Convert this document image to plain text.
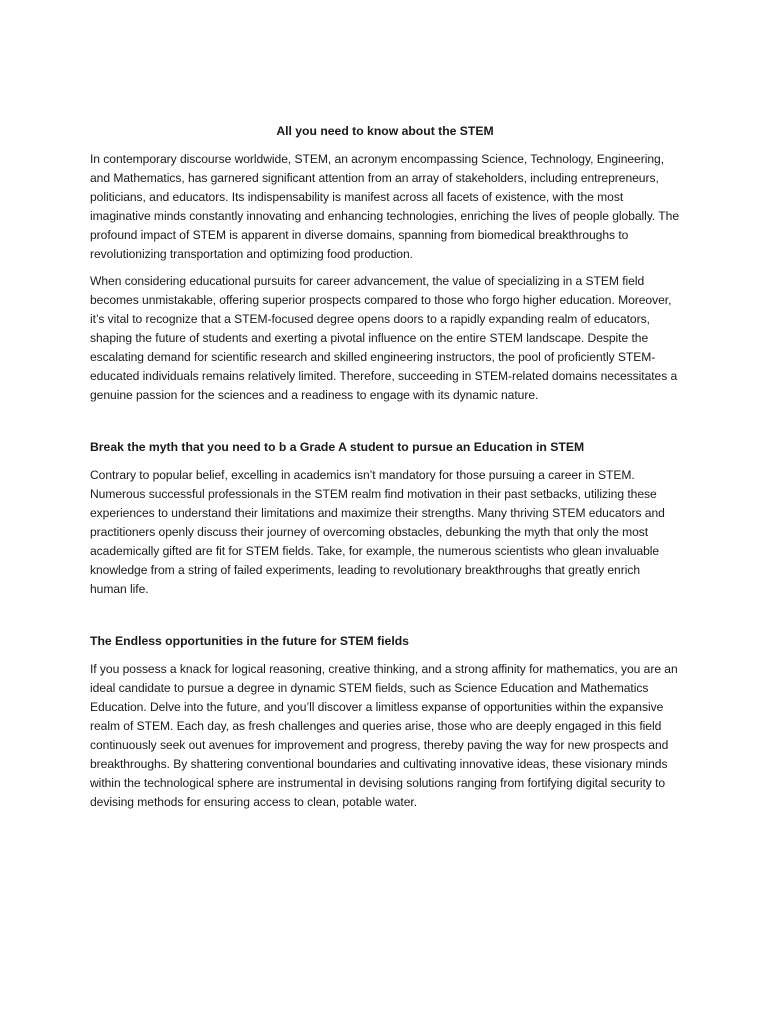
All you need to know about the STEM

In contemporary discourse worldwide, STEM, an acronym encompassing Science, Technology, Engineering, and Mathematics, has garnered significant attention from an array of stakeholders, including entrepreneurs, politicians, and educators. Its indispensability is manifest across all facets of existence, with the most imaginative minds constantly innovating and enhancing technologies, enriching the lives of people globally. The profound impact of STEM is apparent in diverse domains, spanning from biomedical breakthroughs to revolutionizing transportation and optimizing food production.

When considering educational pursuits for career advancement, the value of specializing in a STEM field becomes unmistakable, offering superior prospects compared to those who forgo higher education. Moreover, it’s vital to recognize that a STEM-focused degree opens doors to a rapidly expanding realm of educators, shaping the future of students and exerting a pivotal influence on the entire STEM landscape. Despite the escalating demand for scientific research and skilled engineering instructors, the pool of proficiently STEM-educated individuals remains relatively limited. Therefore, succeeding in STEM-related domains necessitates a genuine passion for the sciences and a readiness to engage with its dynamic nature.

Break the myth that you need to b a Grade A student to pursue an Education in STEM

Contrary to popular belief, excelling in academics isn’t mandatory for those pursuing a career in STEM. Numerous successful professionals in the STEM realm find motivation in their past setbacks, utilizing these experiences to understand their limitations and maximize their strengths. Many thriving STEM educators and practitioners openly discuss their journey of overcoming obstacles, debunking the myth that only the most academically gifted are fit for STEM fields. Take, for example, the numerous scientists who glean invaluable knowledge from a string of failed experiments, leading to revolutionary breakthroughs that greatly enrich human life.

The Endless opportunities in the future for STEM fields

If you possess a knack for logical reasoning, creative thinking, and a strong affinity for mathematics, you are an ideal candidate to pursue a degree in dynamic STEM fields, such as Science Education and Mathematics Education. Delve into the future, and you’ll discover a limitless expanse of opportunities within the expansive realm of STEM. Each day, as fresh challenges and queries arise, those who are deeply engaged in this field continuously seek out avenues for improvement and progress, thereby paving the way for new prospects and breakthroughs. By shattering conventional boundaries and cultivating innovative ideas, these visionary minds within the technological sphere are instrumental in devising solutions ranging from fortifying digital security to devising methods for ensuring access to clean, potable water.
